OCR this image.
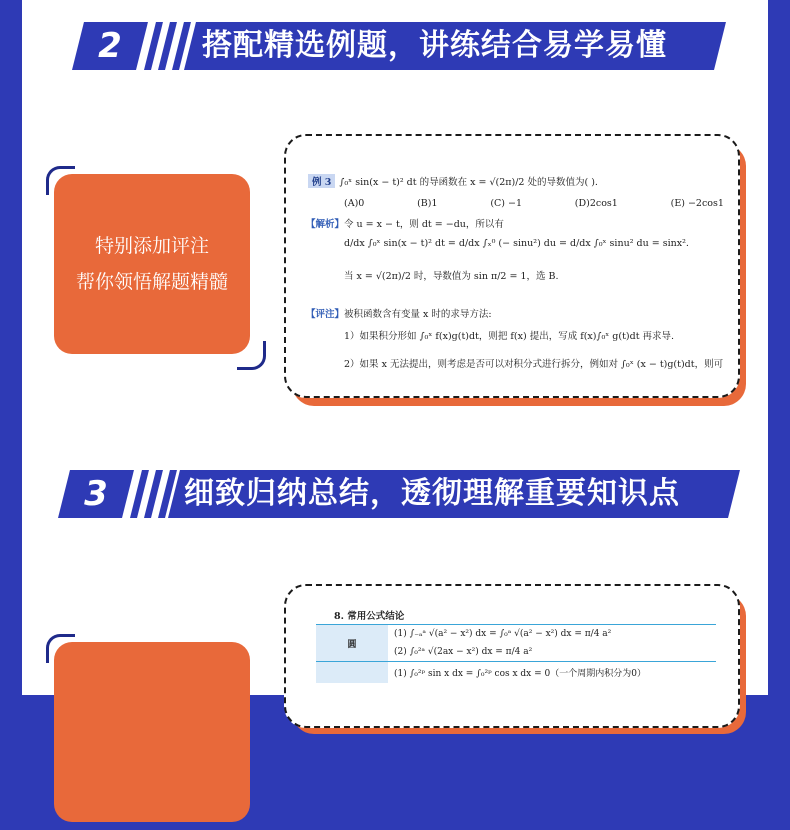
2	搭配精选例题，讲练结合易学易懂
特别添加评注
帮你领悟解题精髓
例 3 ∫₀ˣ sin(x − t)² dt 的导函数在 x = √(2π)/2 处的导数值为( ).
(A)0	(B)1	(C) −1	(D)2cos1	(E) −2cos1
【解析】令 u = x − t，则 dt = −du，所以有
d/dx ∫₀ˣ sin(x − t)² dt = d/dx ∫ₓ⁰ (− sinu²) du = d/dx ∫₀ˣ sinu² du = sinx².
当 x = √(2π)/2 时，导数值为 sin π/2 = 1，选 B.
【评注】被积函数含有变量 x 时的求导方法:
1）如果积分形如 ∫₀ˣ f(x)g(t)dt，则把 f(x) 提出，写成 f(x)∫₀ˣ g(t)dt 再求导.
2）如果 x 无法提出，则考虑是否可以对积分式进行拆分，例如对 ∫₀ˣ (x − t)g(t)dt，则可
3	细致归纳总结，透彻理解重要知识点
8. 常用公式结论
圆	(1) ∫₋ₐᵃ √(a² − x²) dx = ∫₀ᵃ √(a² − x²) dx = π/4 a²
	(2) ∫₀²ᵃ √(2ax − x²) dx = π/4 a²
	(1) ∫₀²ᵖ sin x dx = ∫₀²ᵖ cos x dx = 0（一个周期内积分为0）
